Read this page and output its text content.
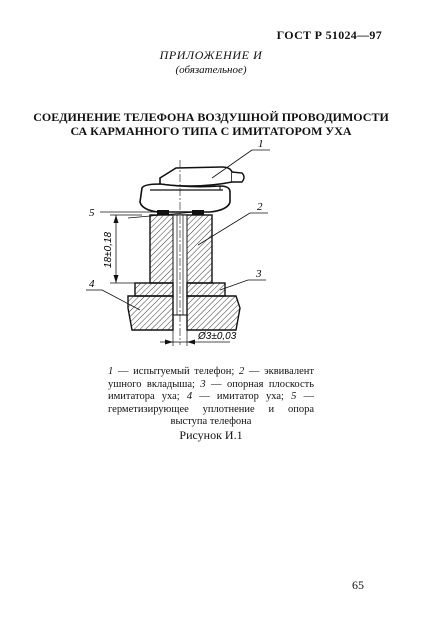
ГОСТ Р 51024—97
ПРИЛОЖЕНИЕ И
(обязательное)
СОЕДИНЕНИЕ ТЕЛЕФОНА ВОЗДУШНОЙ ПРОВОДИМОСТИ
СА КАРМАННОГО ТИПА С ИМИТАТОРОМ УХА
18±0,18
Ø3±0,03
1
2
3
4
5
1 — испытуемый телефон; 2 — эквивалент ушного вкладыша; 3 — опорная плоскость имитатора уха; 4 — имитатор уха; 5 — герметизирующее уплотнение и опора выступа телефона
Рисунок И.1
65
